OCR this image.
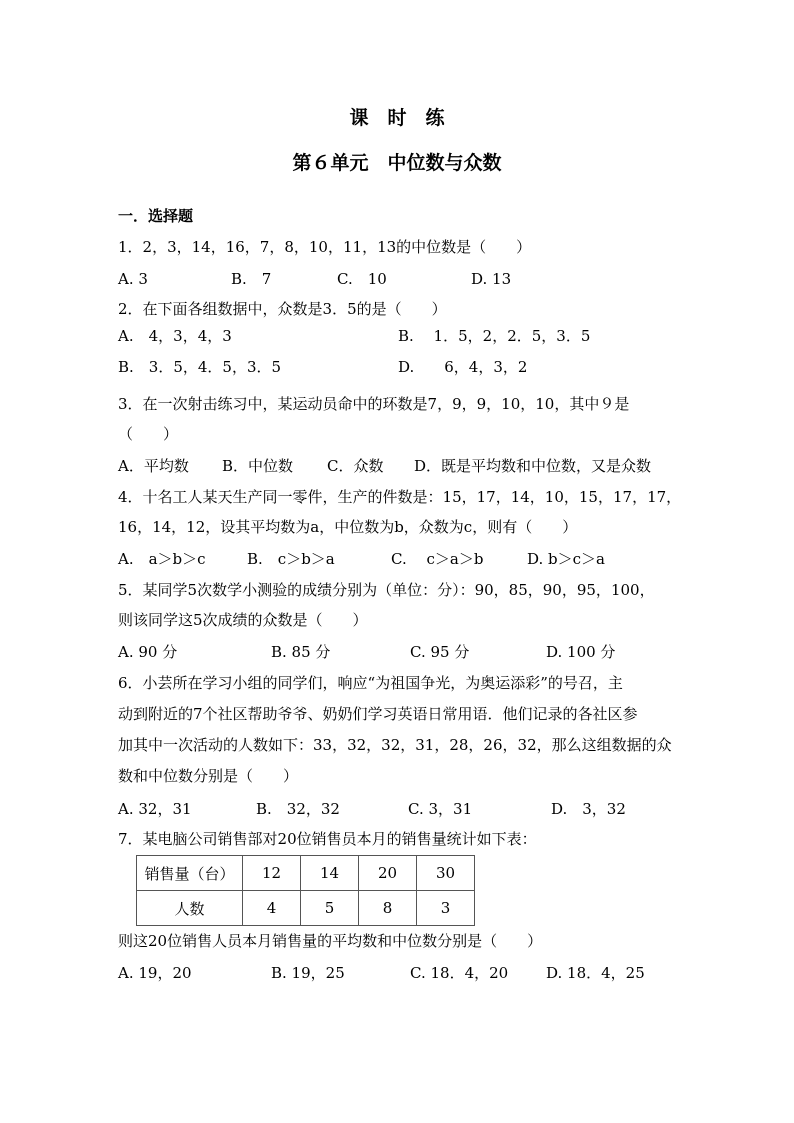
课　时　练
第６单元　中位数与众数
一．选择题
1．2，3，14，16，7，8，10，11，13的中位数是（　　）
A. 3	B.　7	C.　10	D. 13
2．在下面各组数据中，众数是3．5的是（　　）
A.　4，3，4，3	B.　 1．5，2，2．5，3．5
B.　3．5，4．5，3．5	D.　　6，4，3，2
3．在一次射击练习中，某运动员命中的环数是7，9，9，10，10，其中９是
（　　）
A．平均数 B．中位数 C．众数 D．既是平均数和中位数，又是众数
4．十名工人某天生产同一零件，生产的件数是：15，17，14，10，15，17，17，
16，14，12，设其平均数为a，中位数为b，众数为c，则有（　　）
A.　a＞b＞c	B.　c＞b＞a	C.　 c＞a＞b	D. b＞c＞a
5．某同学5次数学小测验的成绩分别为（单位：分）：90，85，90，95，100，
则该同学这5次成绩的众数是（　　）
A. 90 分	B. 85 分	C. 95 分	D. 100 分
6．小芸所在学习小组的同学们，响应“为祖国争光，为奥运添彩”的号召，主
动到附近的7个社区帮助爷爷、奶奶们学习英语日常用语．他们记录的各社区参
加其中一次活动的人数如下：33，32，32，31，28，26，32，那么这组数据的众
数和中位数分别是（　　）
A. 32，31	B.　32，32	C. 3，31	D.　3，32
7．某电脑公司销售部对20位销售员本月的销售量统计如下表：
销售量（台）	12	14	20	30
人数	4	5	8	3
则这20位销售人员本月销售量的平均数和中位数分别是（　　）
A. 19，20	B. 19，25	C. 18．4，20	D. 18．4，25
